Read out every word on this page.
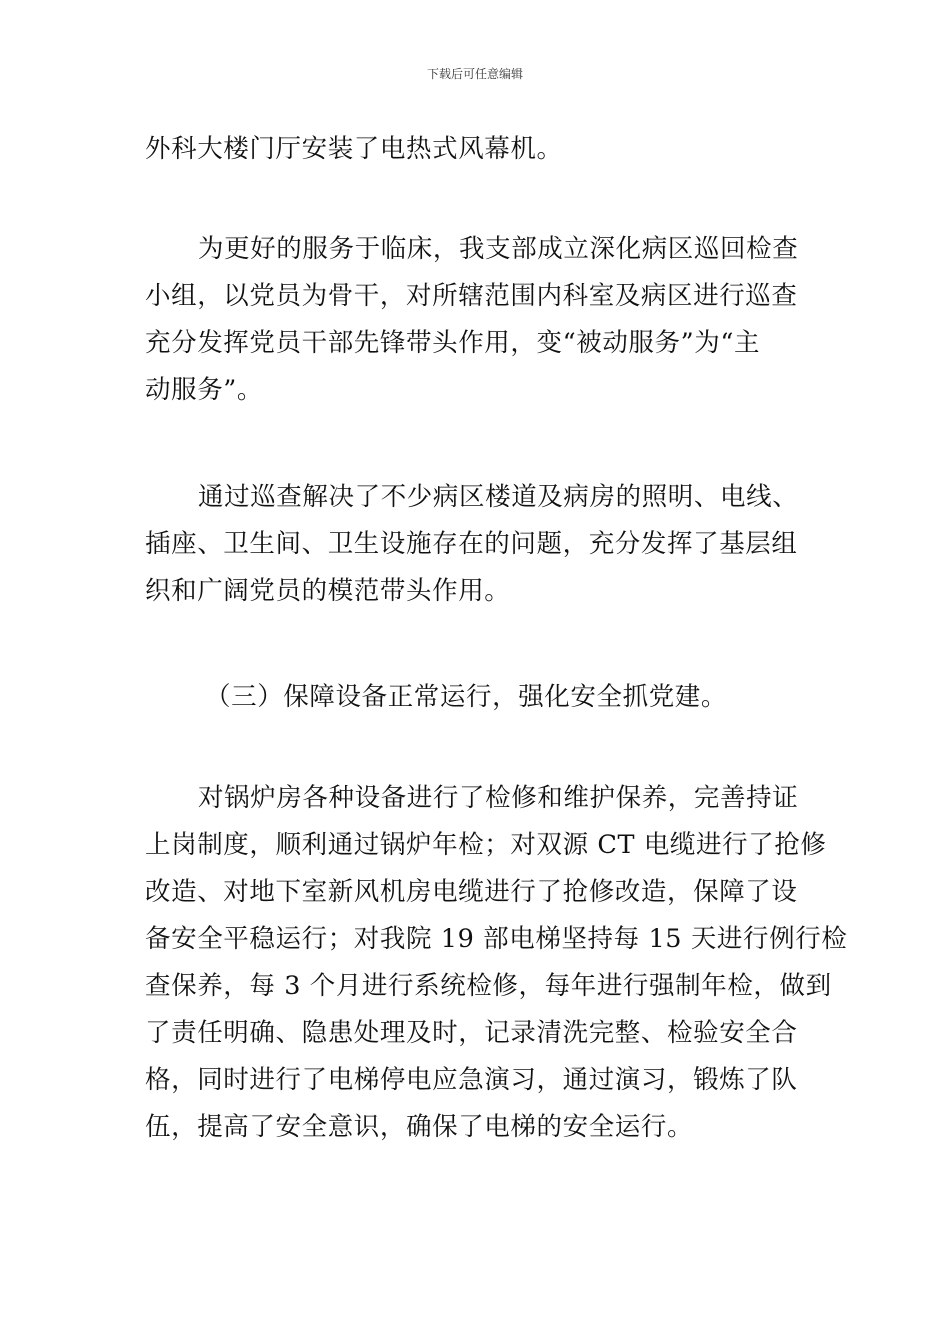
下载后可任意编辑
外科大楼门厅安装了电热式风幕机。
为更好的服务于临床，我支部成立深化病区巡回检查
小组，以党员为骨干，对所辖范围内科室及病区进行巡查
充分发挥党员干部先锋带头作用，变“被动服务”为“主
动服务”。
通过巡查解决了不少病区楼道及病房的照明、电线、
插座、卫生间、卫生设施存在的问题，充分发挥了基层组
织和广阔党员的模范带头作用。
（三）保障设备正常运行，强化安全抓党建。
对锅炉房各种设备进行了检修和维护保养，完善持证
上岗制度，顺利通过锅炉年检；对双源 CT 电缆进行了抢修
改造、对地下室新风机房电缆进行了抢修改造，保障了设
备安全平稳运行；对我院 19 部电梯坚持每 15 天进行例行检
查保养，每 3 个月进行系统检修，每年进行强制年检，做到
了责任明确、隐患处理及时，记录清洗完整、检验安全合
格，同时进行了电梯停电应急演习，通过演习，锻炼了队
伍，提高了安全意识，确保了电梯的安全运行。
